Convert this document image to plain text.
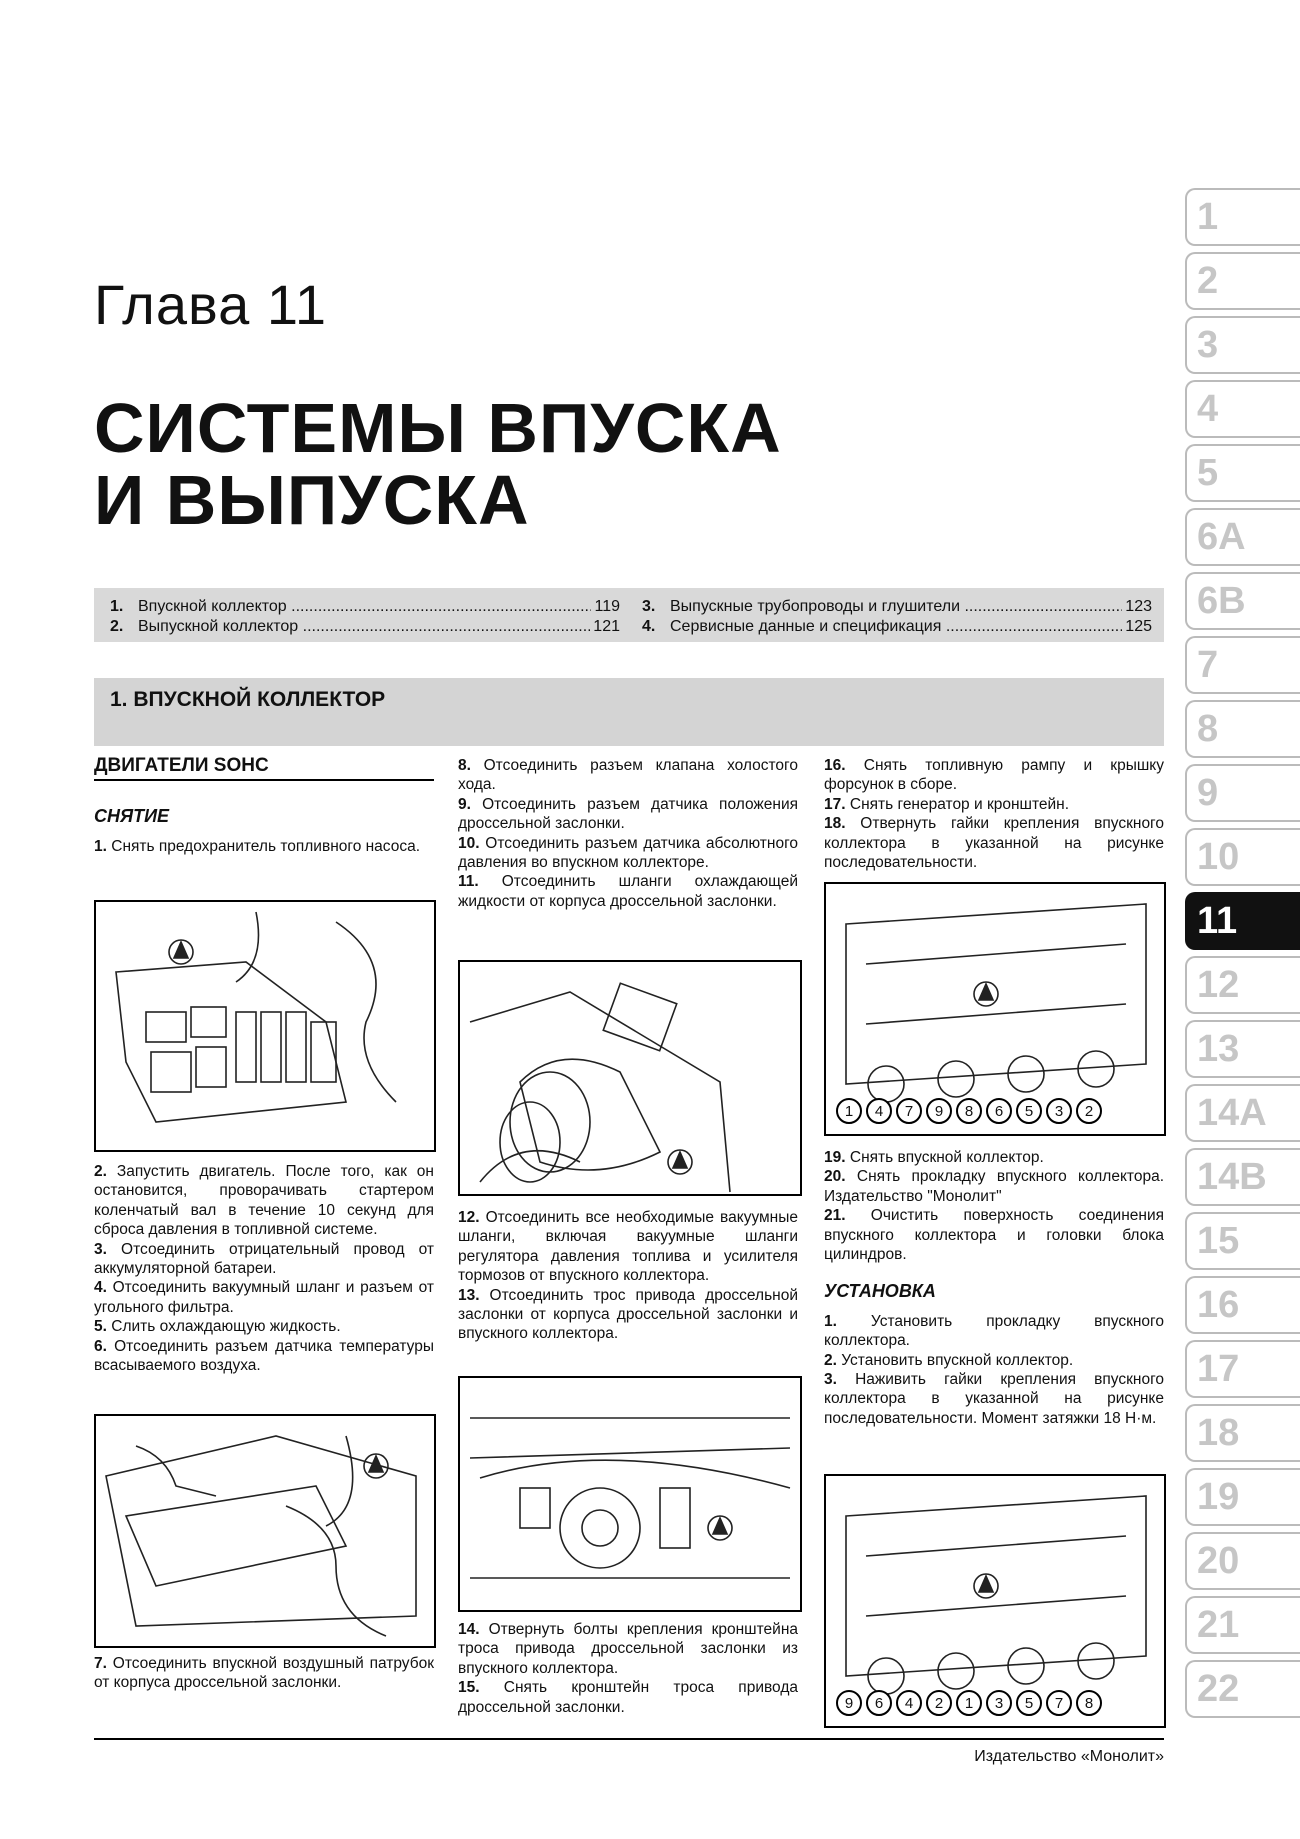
Глава 11
СИСТЕМЫ ВПУСКА
И ВЫПУСКА
1. Впускной коллектор .....	119
2. Выпускной коллектор .....	121
3. Выпускные трубопроводы и глушители .....	123
4. Сервисные данные и спецификация .....	125
1. ВПУСКНОЙ КОЛЛЕКТОР
ДВИГАТЕЛИ SOHC
СНЯТИЕ

1. Снять предохранитель топливного насоса.

2. Запустить двигатель. После того, как он остановится, проворачивать стартером коленчатый вал в течение 10 секунд для сброса давления в топливной системе.

3. Отсоединить отрицательный провод от аккумуляторной батареи.

4. Отсоединить вакуумный шланг и разъем от угольного фильтра.

5. Слить охлаждающую жидкость.

6. Отсоединить разъем датчика температуры всасываемого воздуха.

7. Отсоединить впускной воздушный патрубок от корпуса дроссельной заслонки.

8. Отсоединить разъем клапана холостого хода.

9. Отсоединить разъем датчика положения дроссельной заслонки.

10. Отсоединить разъем датчика абсолютного давления во впускном коллекторе.

11. Отсоединить шланги охлаждающей жидкости от корпуса дроссельной заслонки.

12. Отсоединить все необходимые вакуумные шланги, включая вакуумные шланги регулятора давления топлива и усилителя тормозов от впускного коллектора.

13. Отсоединить трос привода дроссельной заслонки от корпуса дроссельной заслонки и впускного коллектора.

14. Отвернуть болты крепления кронштейна троса привода дроссельной заслонки из впускного коллектора.

15. Снять кронштейн троса привода дроссельной заслонки.

16. Снять топливную рампу и крышку форсунок в сборе.

17. Снять генератор и кронштейн.

18. Отвернуть гайки крепления впускного коллектора в указанной на рисунке последовательности.

19. Снять впускной коллектор.

20. Снять прокладку впускного коллектора. Издательство "Монолит"

21. Очистить поверхность соединения впускного коллектора и головки блока цилиндров.

УСТАНОВКА

1. Установить прокладку впускного коллектора.

2. Установить впускной коллектор.

3. Наживить гайки крепления впускного коллектора в указанной на рисунке последовательности. Момент затяжки 18 Н·м.

1	4	7	9	8	6	5	3	2
9	6	4	2	1	3	5	7	8
1
2
3
4
5
6A
6B
7
8
9
10
11
12
13
14A
14B
15
16
17
18
19
20
21
22
Издательство «Монолит»
